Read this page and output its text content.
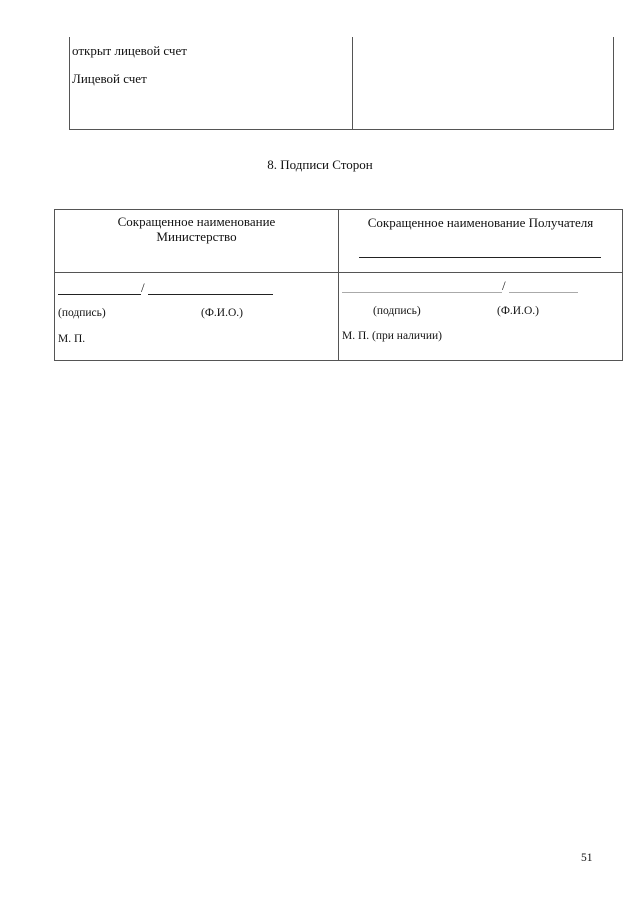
открыт лицевой счет
Лицевой счет
8. Подписи Сторон
Сокращенное наименование
Министерство
Сокращенное наименование Получателя
/
(подпись)	(Ф.И.О.)
М. П.
/
(подпись)	(Ф.И.О.)
М. П. (при наличии)
51
